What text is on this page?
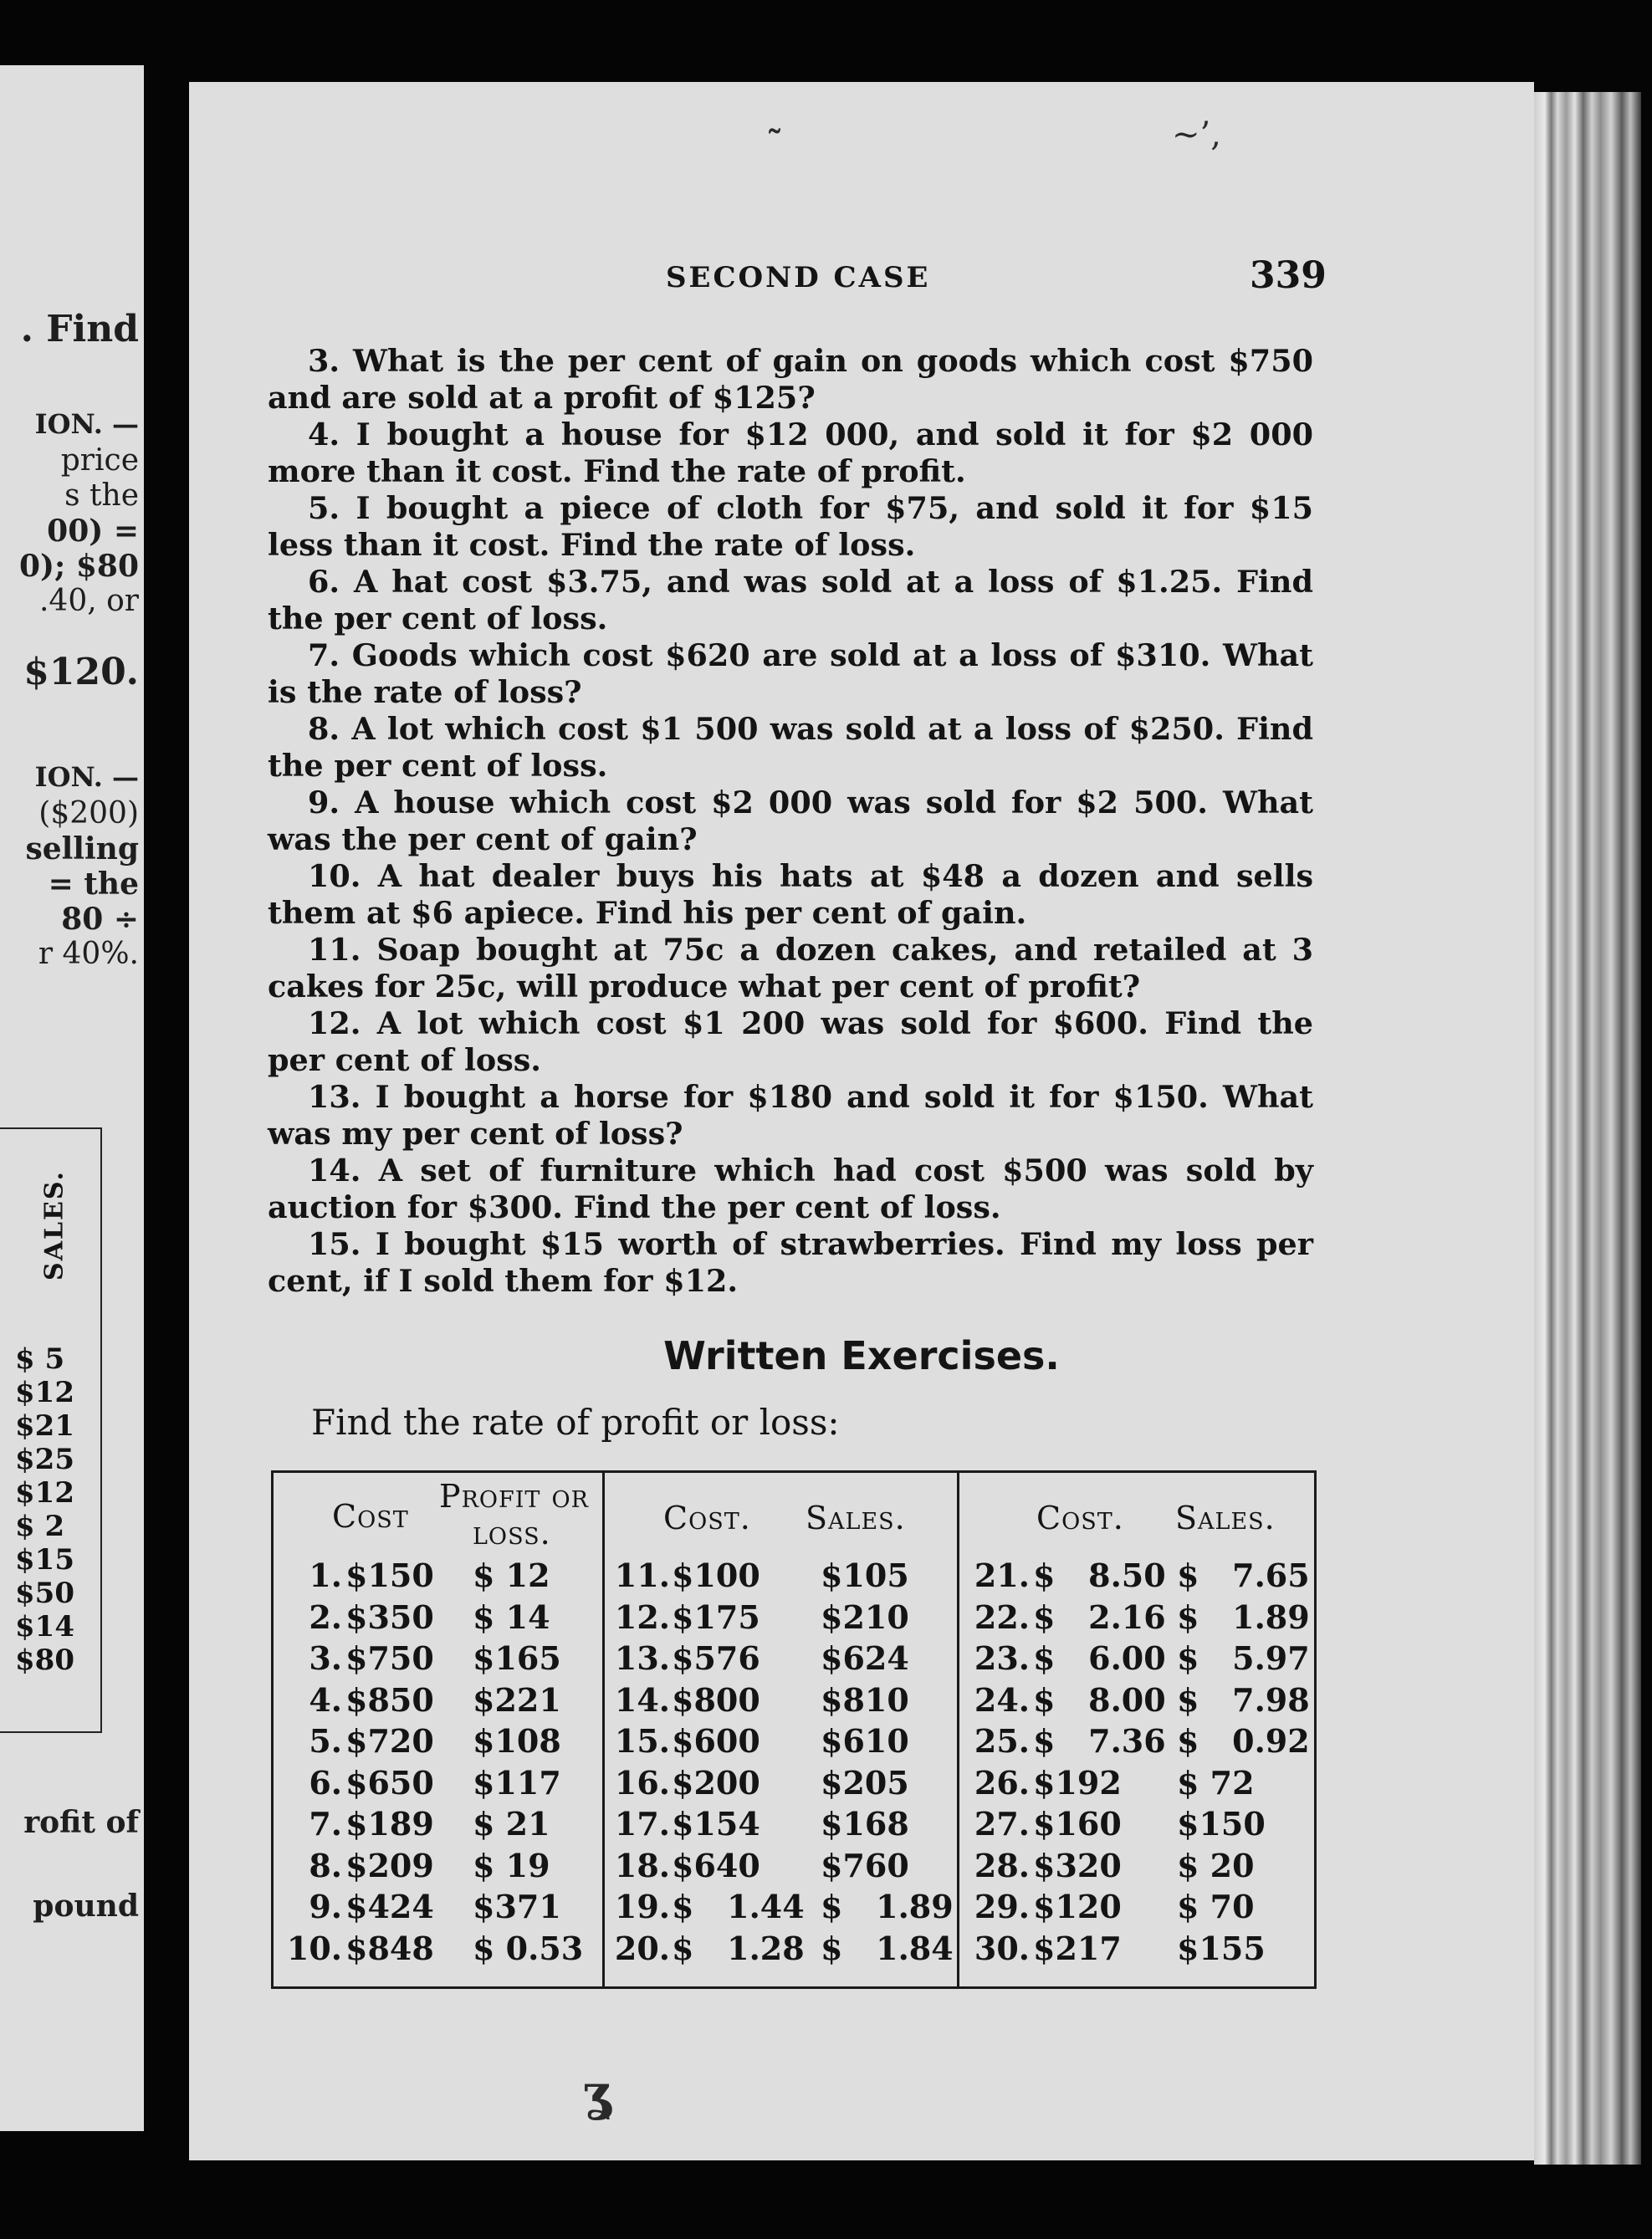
. Find
ION. —
price
s the
00) =
0); $80
.40, or
$120.
ION. —
($200)
selling
= the
80 ÷
r 40%.
rofit of
pound
SALES.
$ 5
$12
$21
$25
$12
$ 2
$15
$50
$14
$80
˜	~’,
ʓ
SECOND CASE	339

3. What is the per cent of gain on goods which cost $750 and are sold at a profit of $125?

4. I bought a house for $12 000, and sold it for $2 000 more than it cost. Find the rate of profit.

5. I bought a piece of cloth for $75, and sold it for $15 less than it cost. Find the rate of loss.

6. A hat cost $3.75, and was sold at a loss of $1.25. Find the per cent of loss.

7. Goods which cost $620 are sold at a loss of $310. What is the rate of loss?

8. A lot which cost $1 500 was sold at a loss of $250. Find the per cent of loss.

9. A house which cost $2 000 was sold for $2 500. What was the per cent of gain?

10. A hat dealer buys his hats at $48 a dozen and sells them at $6 apiece. Find his per cent of gain.

11. Soap bought at 75c a dozen cakes, and retailed at 3 cakes for 25c, will produce what per cent of profit?

12. A lot which cost $1 200 was sold for $600. Find the per cent of loss.

13. I bought a horse for $180 and sold it for $150. What was my per cent of loss?

14. A set of furniture which had cost $500 was sold by auction for $300. Find the per cent of loss.

15. I bought $15 worth of strawberries. Find my loss per cent, if I sold them for $12.

Written Exercises.
Find the rate of profit or loss:
Cost
Profit or
loss.
1. $150 $ 12
2. $350 $ 14
3. $750 $165
4. $850 $221
5. $720 $108
6. $650 $117
7. $189 $ 21
8. $209 $ 19
9. $424 $371
10. $848 $ 0.53
Cost. Sales.
11. $100 $105
12. $175 $210
13. $576 $624
14. $800 $810
15. $600 $610
16. $200 $205
17. $154 $168
18. $640 $760
19. $   1.44 $   1.89
20. $   1.28 $   1.84
Cost. Sales.
21. $   8.50 $   7.65
22. $   2.16 $   1.89
23. $   6.00 $   5.97
24. $   8.00 $   7.98
25. $   7.36 $   0.92
26. $192 $ 72
27. $160 $150
28. $320 $ 20
29. $120 $ 70
30. $217 $155
